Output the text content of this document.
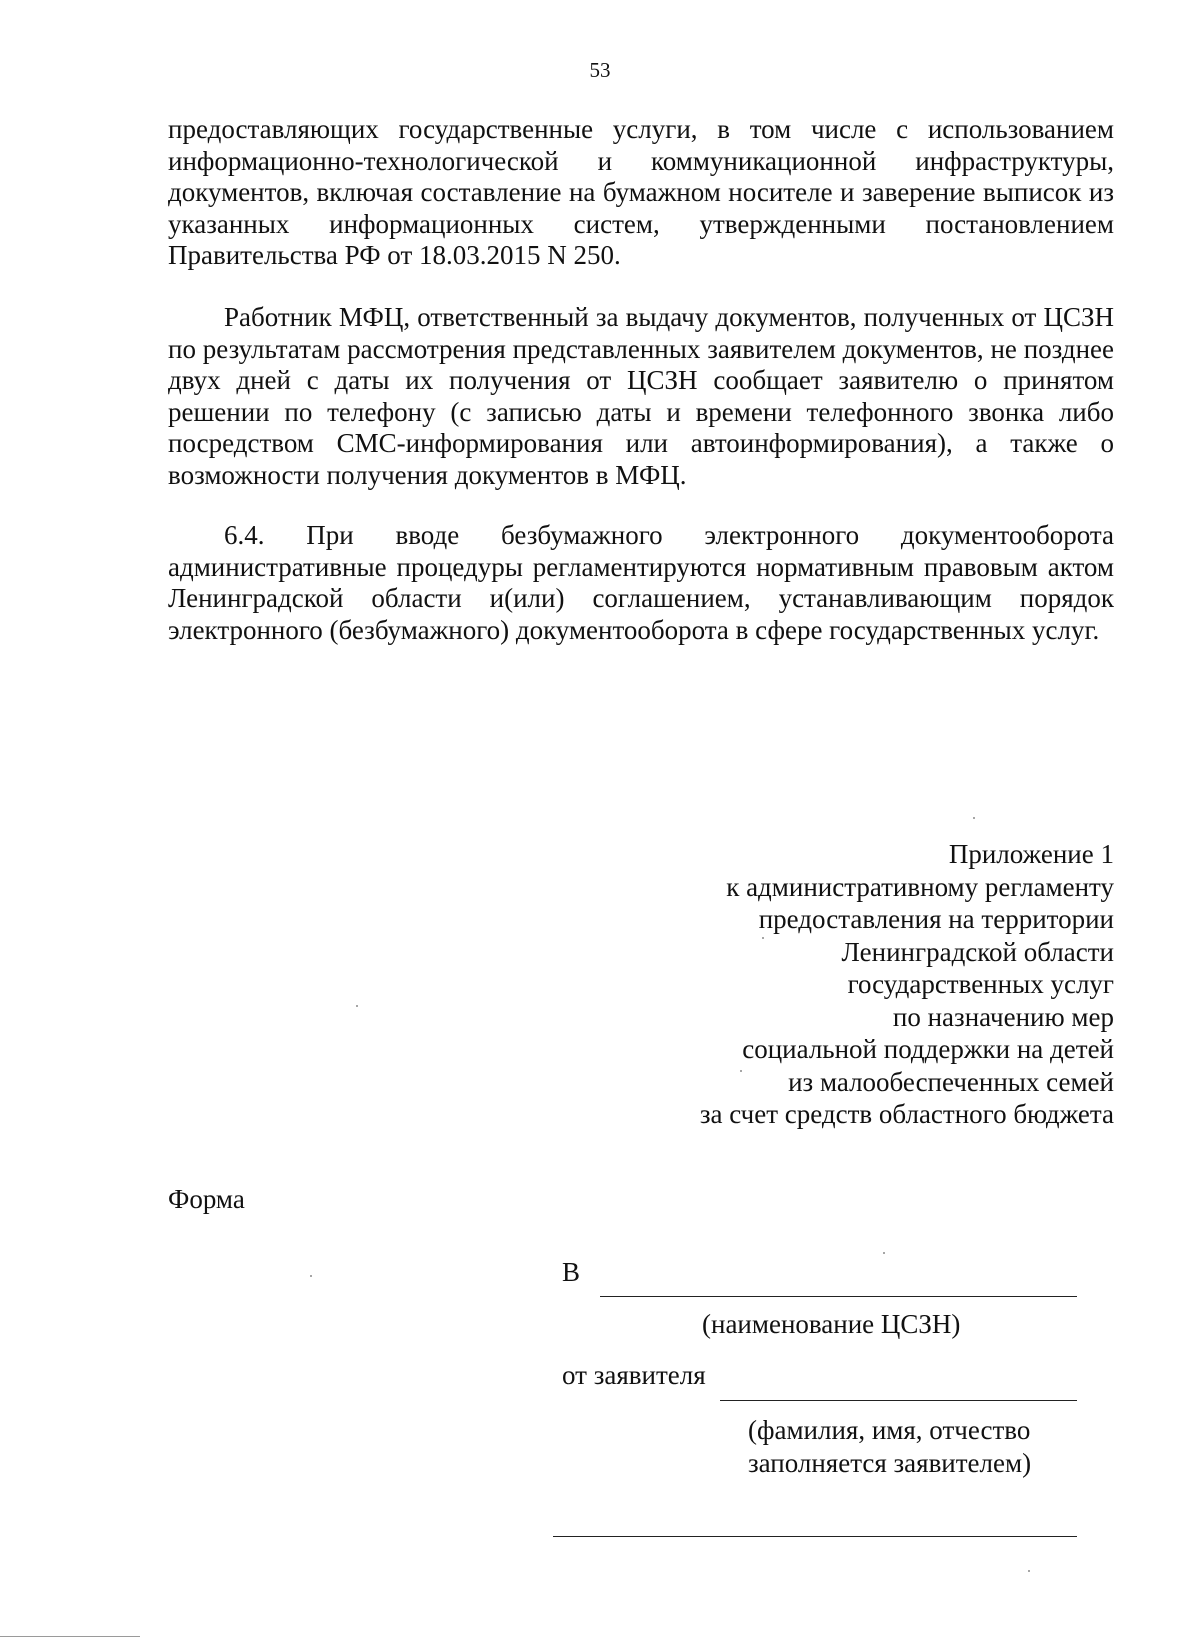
53

предоставляющих государственные услуги, в том числе с использованием информационно-технологической и коммуникационной инфраструктуры, документов, включая составление на бумажном носителе и заверение выписок из указанных информационных систем, утвержденными постановлением Правительства РФ от 18.03.2015 N 250.

Работник МФЦ, ответственный за выдачу документов, полученных от ЦСЗН по результатам рассмотрения представленных заявителем документов, не позднее двух дней с даты их получения от ЦСЗН сообщает заявителю о принятом решении по телефону (с записью даты и времени телефонного звонка либо посредством СМС-информирования или автоинформирования), а также о возможности получения документов в МФЦ.

6.4. При вводе безбумажного электронного документооборота административные процедуры регламентируются нормативным правовым актом Ленинградской области и(или) соглашением, устанавливающим порядок электронного (безбумажного) документооборота в сфере государственных услуг.

Приложение 1
к административному регламенту
предоставления на территории
Ленинградской области
государственных услуг
по назначению мер
социальной поддержки на детей
из малообеспеченных семей
за счет средств областного бюджета
Форма
В
(наименование ЦСЗН)
от заявителя
(фамилия, имя, отчество
заполняется заявителем)
